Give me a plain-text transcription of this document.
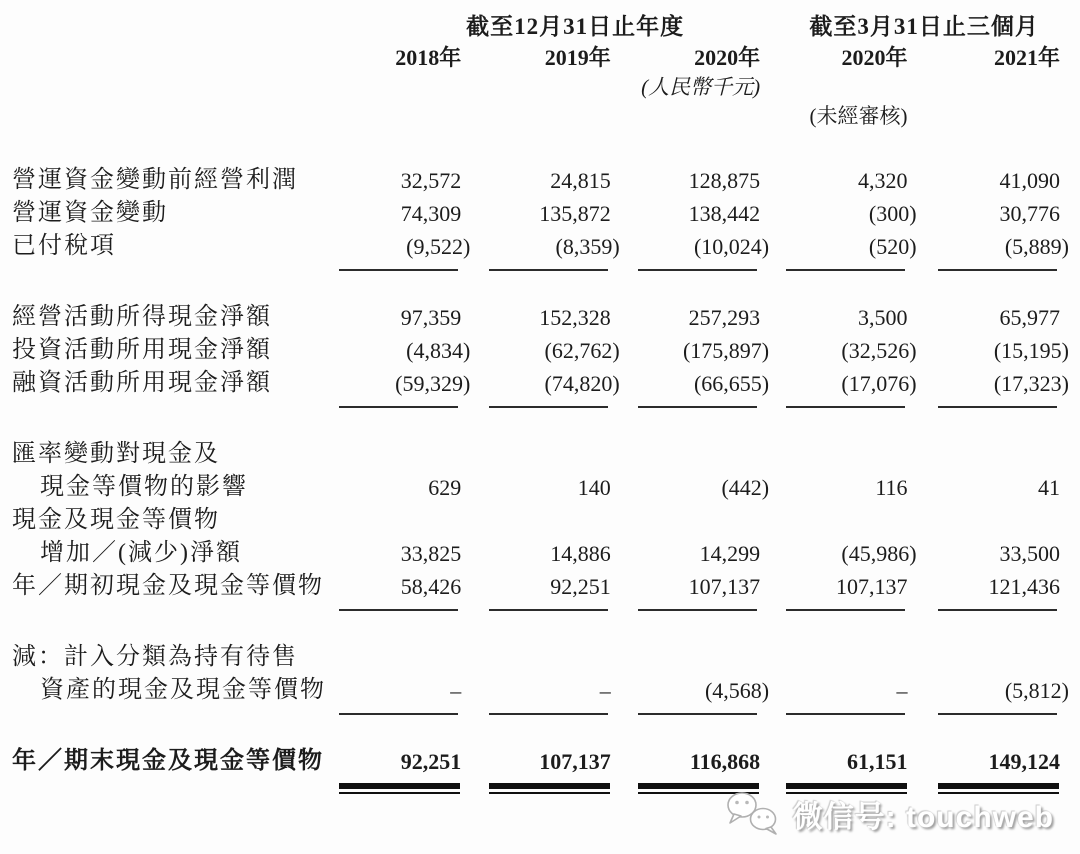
	截至12月31日止年度			截至3月31日止三個月	
	2018年	2019年	2020年	2020年	2021年
			(人民幣千元)		
				(未經審核)	

營運資金變動前經營利潤	32,572	24,815	128,875	4,320	41,090

營運資金變動	74,309	135,872	138,442	(300)	30,776

已付稅項	(9,522)	(8,359)	(10,024)	(520)	(5,889)

經營活動所得現金淨額	97,359	152,328	257,293	3,500	65,977

投資活動所用現金淨額	(4,834)	(62,762)	(175,897)	(32,526)	(15,195)

融資活動所用現金淨額	(59,329)	(74,820)	(66,655)	(17,076)	(17,323)

匯率變動對現金及
現金等價物的影響	629	140	(442)	116	41

現金及現金等價物
增加／(減少)淨額	33,825	14,886	14,299	(45,986)	33,500

年／期初現金及現金等價物	58,426	92,251	107,137	107,137	121,436

減：計入分類為持有待售
資產的現金及現金等價物	–	–	(4,568)	–	(5,812)

年／期末現金及現金等價物	92,251	107,137	116,868	61,151	149,124

微信号: touchweb
